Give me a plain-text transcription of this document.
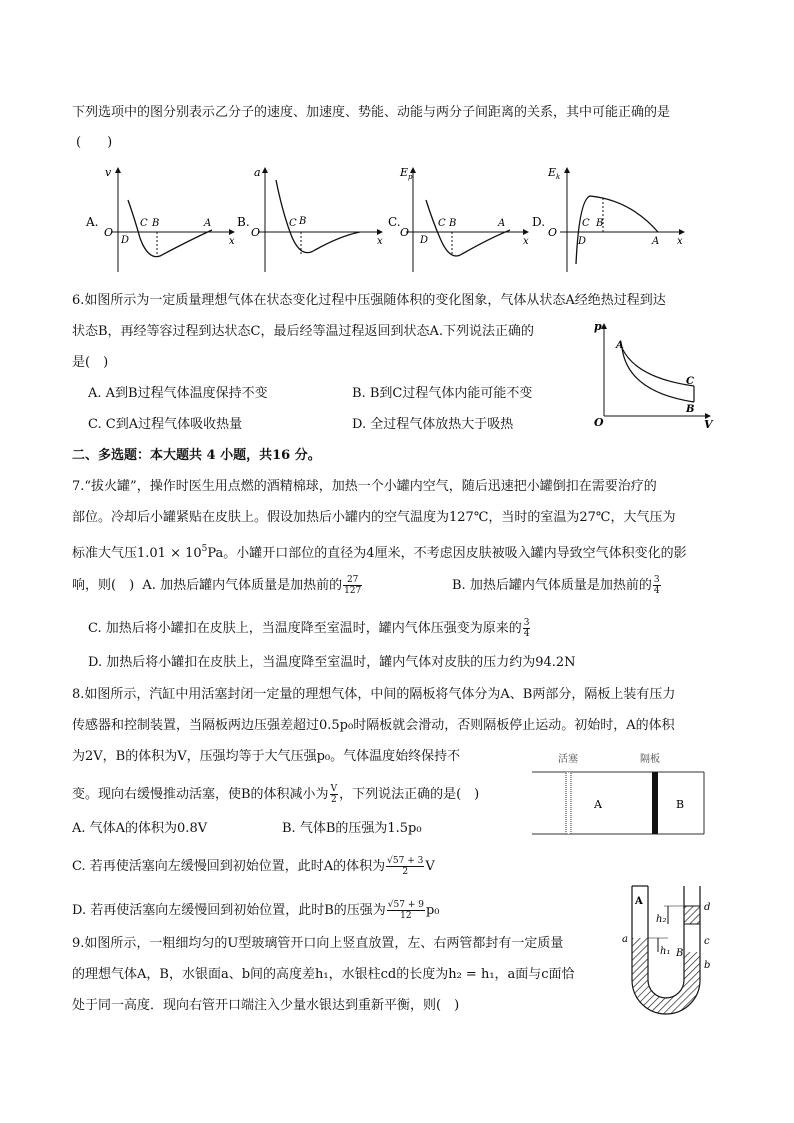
下列选项中的图分别表示乙分子的速度、加速度、势能、动能与两分子间距离的关系，其中可能正确的是
(　　)
A.
v
O
D
C B	A
x
B.
a
O
C B
x
C.
$E_p$
O
D
C B	A
x
D.
$E_k$
O
C B
D	A x
6.如图所示为一定质量理想气体在状态变化过程中压强随体积的变化图象，气体从状态A经绝热过程到达
状态B，再经等容过程到达状态C，最后经等温过程返回到状态A.下列说法正确的
是(　)
A. A到B过程气体温度保持不变	B. B到C过程气体内能可能不变
C. C到A过程气体吸收热量	D. 全过程气体放热大于吸热
p
V
O
A
C
B
二、多选题：本大题共 4 小题，共16 分。
7.“拔火罐”，操作时医生用点燃的酒精棉球，加热一个小罐内空气，随后迅速把小罐倒扣在需要治疗的
部位。冷却后小罐紧贴在皮肤上。假设加热后小罐内的空气温度为127℃，当时的室温为27℃，大气压为
标准大气压$1.01 \times 10^5Pa$。小罐开口部位的直径为4厘米，不考虑因皮肤被吸入罐内导致空气体积变化的影
响，则(　) A. 加热后罐内气体质量是加热前的 $\frac{27}{127}$	B. 加热后罐内气体质量是加热前的 $\frac{3}{4}$
C. 加热后将小罐扣在皮肤上，当温度降至室温时，罐内气体压强变为原来的 $\frac{3}{4}$
D. 加热后将小罐扣在皮肤上，当温度降至室温时，罐内气体对皮肤的压力约为94.2N
8.如图所示，汽缸中用活塞封闭一定量的理想气体，中间的隔板将气体分为A、B两部分，隔板上装有压力
传感器和控制装置，当隔板两边压强差超过0.5p₀时隔板就会滑动，否则隔板停止运动。初始时，A的体积
为2V，B的体积为V，压强均等于大气压强p₀。气体温度始终保持不
变。现向右缓慢推动活塞，使B的体积减小为 $\frac{V}{2}$ ，下列说法正确的是(　)
A. 气体A的体积为0.8V	B. 气体B的压强为1.5p₀
C. 若再使活塞向左缓慢回到初始位置，此时A的体积为 $\frac{√57 + 3}{2}$ V
D. 若再使活塞向左缓慢回到初始位置，此时B的压强为 $\frac{√57 + 9}{12} p_0$
活塞	隔板
A	B
9.如图所示，一粗细均匀的U型玻璃管开口向上竖直放置，左、右两管都封有一定质量
的理想气体A，B，水银面a、b间的高度差h₁，水银柱cd的长度为h₂ = h₁，a面与c面恰
处于同一高度．现向右管开口端注入少量水银达到重新平衡，则(　)
A
h₂
h₁ B
a
b
c
d
